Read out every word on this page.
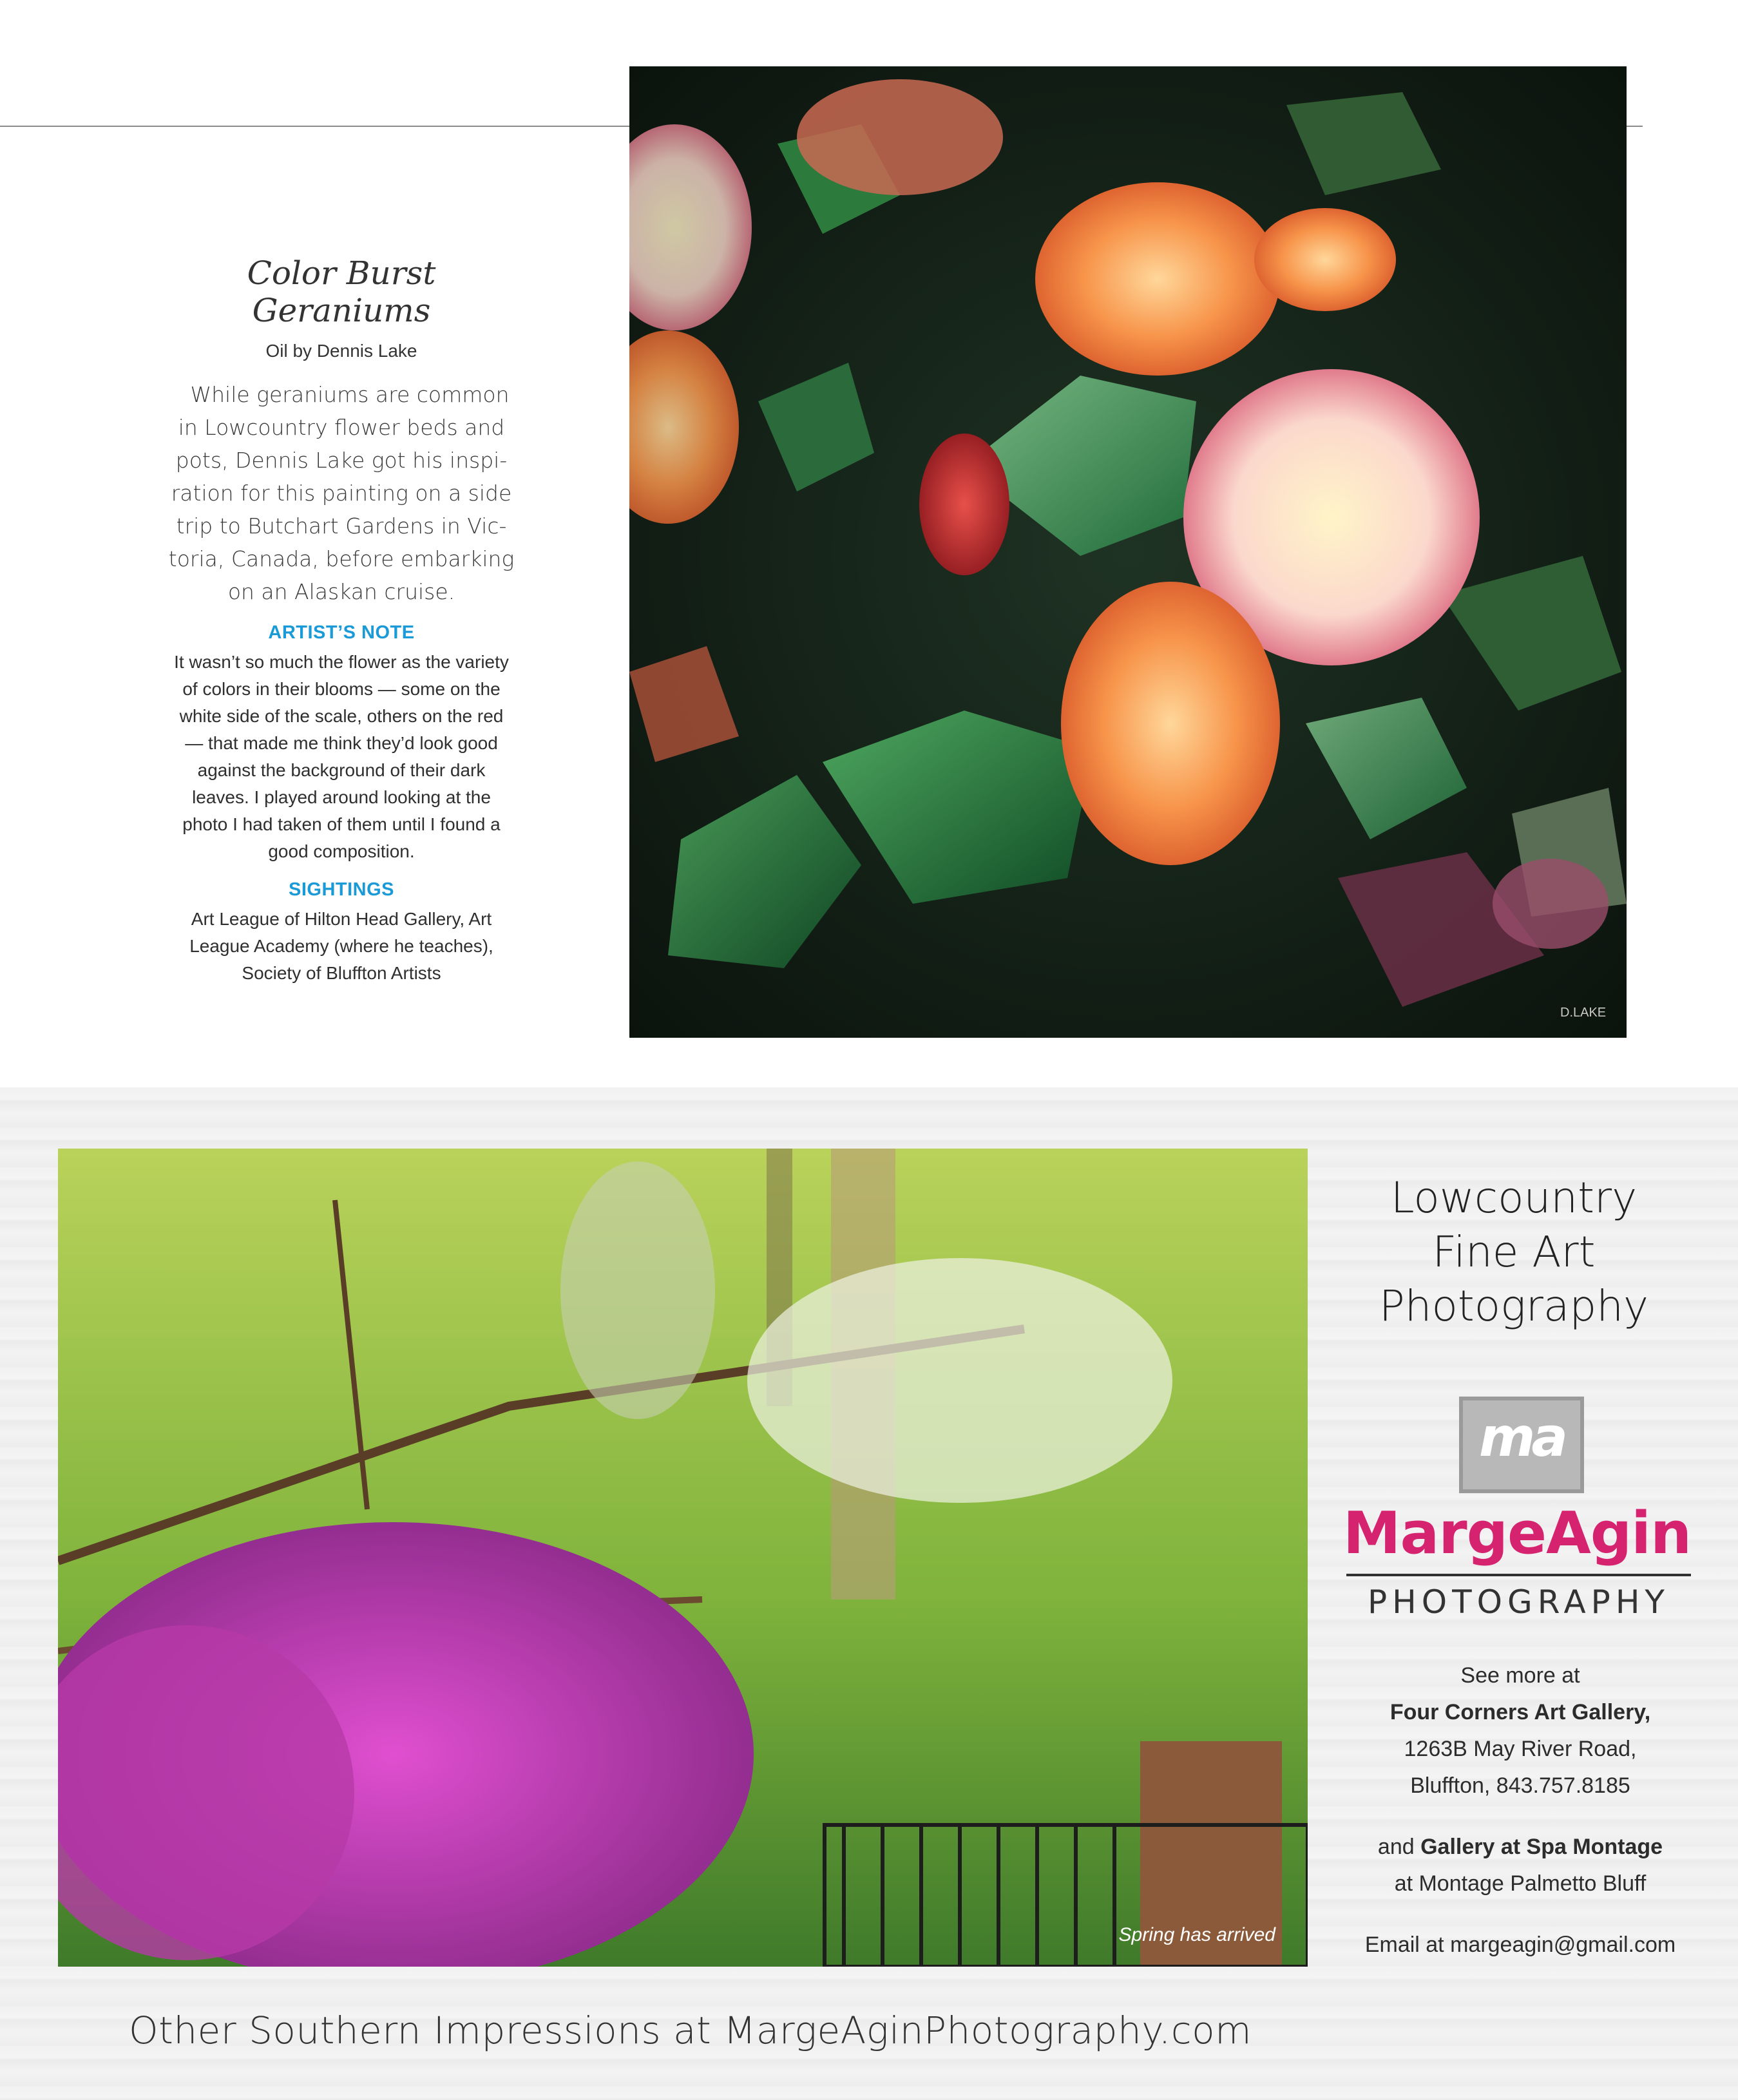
Color Burst Geraniums
Oil by Dennis Lake
While geraniums are common
in Lowcountry flower beds and
pots, Dennis Lake got his inspi-
ration for this painting on a side
trip to Butchart Gardens in Vic-
toria, Canada, before embarking
on an Alaskan cruise.
ARTIST’S NOTE
It wasn’t so much the flower as the variety
of colors in their blooms — some on the
white side of the scale, others on the red
— that made me think they’d look good
against the background of their dark
leaves. I played around looking at the
photo I had taken of them until I found a
good composition.
SIGHTINGS
Art League of Hilton Head Gallery, Art
League Academy (where he teaches),
Society of Bluffton Artists
D.LAKE
Spring has arrived
Lowcountry
Fine Art
Photography
ma
MargeAgin
PHOTOGRAPHY
See more at
Four Corners Art Gallery,
1263B May River Road,
Bluffton, 843.757.8185
and Gallery at Spa Montage
at Montage Palmetto Bluff
Email at margeagin@gmail.com
Other Southern Impressions at MargeAginPhotography.com
